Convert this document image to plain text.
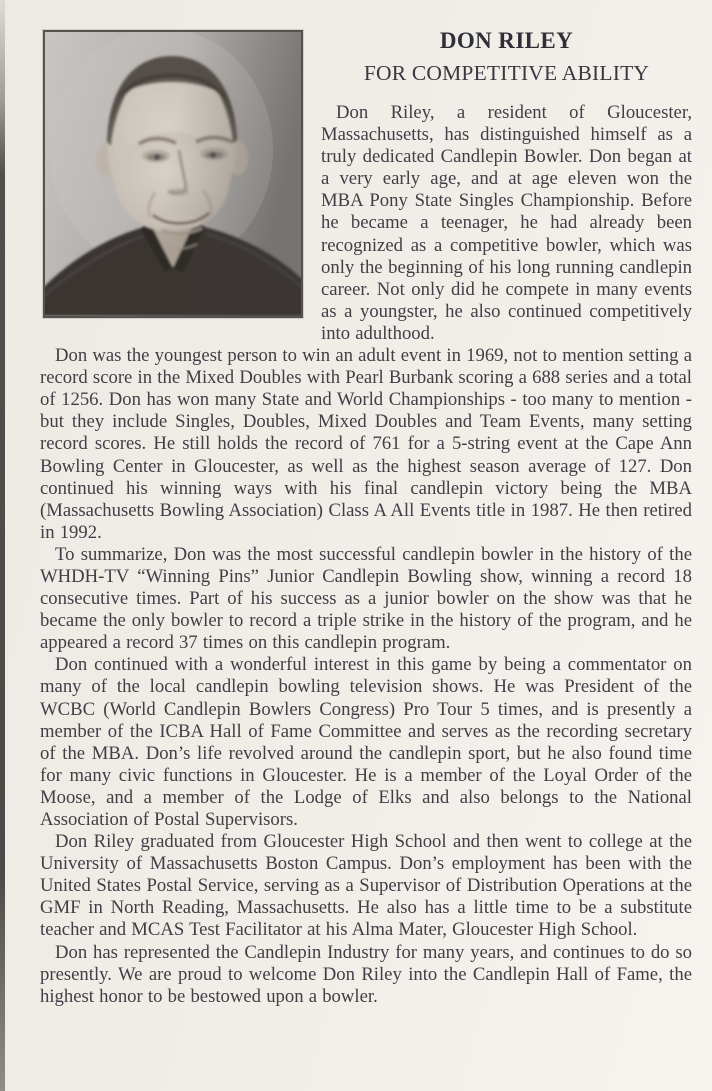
DON RILEY
FOR COMPETITIVE ABILITY

Don Riley, a resident of Gloucester, Massachusetts, has distinguished himself as a truly dedicated Candlepin Bowler. Don began at a very early age, and at age eleven won the MBA Pony State Singles Championship. Before he became a teenager, he had already been recognized as a competitive bowler, which was only the beginning of his long running candlepin career. Not only did he compete in many events as a youngster, he also continued competitively into adulthood.

Don was the youngest person to win an adult event in 1969, not to mention setting a record score in the Mixed Doubles with Pearl Burbank scoring a 688 series and a total of 1256. Don has won many State and World Championships - too many to mention - but they include Singles, Doubles, Mixed Doubles and Team Events, many setting record scores. He still holds the record of 761 for a 5-string event at the Cape Ann Bowling Center in Gloucester, as well as the highest season average of 127. Don continued his winning ways with his final candlepin victory being the MBA (Massachusetts Bowling Association) Class A All Events title in 1987. He then retired in 1992.

To summarize, Don was the most successful candlepin bowler in the history of the WHDH-TV “Winning Pins” Junior Candlepin Bowling show, winning a record 18 consecutive times. Part of his success as a junior bowler on the show was that he became the only bowler to record a triple strike in the history of the program, and he appeared a record 37 times on this candlepin program.

Don continued with a wonderful interest in this game by being a commentator on many of the local candlepin bowling television shows. He was President of the WCBC (World Candlepin Bowlers Congress) Pro Tour 5 times, and is presently a member of the ICBA Hall of Fame Committee and serves as the recording secretary of the MBA. Don’s life revolved around the candlepin sport, but he also found time for many civic functions in Gloucester. He is a member of the Loyal Order of the Moose, and a member of the Lodge of Elks and also belongs to the National Association of Postal Supervisors.

Don Riley graduated from Gloucester High School and then went to college at the University of Massachusetts Boston Campus. Don’s employment has been with the United States Postal Service, serving as a Supervisor of Distribution Operations at the GMF in North Reading, Massachusetts. He also has a little time to be a substitute teacher and MCAS Test Facilitator at his Alma Mater, Gloucester High School.

Don has represented the Candlepin Industry for many years, and continues to do so presently. We are proud to welcome Don Riley into the Candlepin Hall of Fame, the highest honor to be bestowed upon a bowler.
